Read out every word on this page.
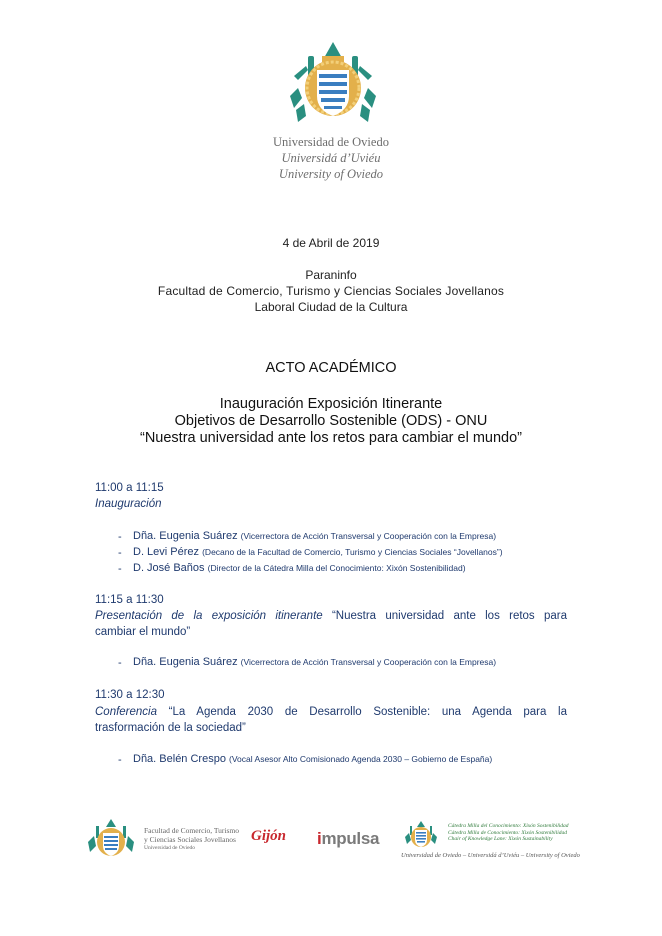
Universidad de Oviedo
Universidá d’Uviéu
University of Oviedo
4 de Abril de 2019
Paraninfo
Facultad de Comercio, Turismo y Ciencias Sociales Jovellanos
Laboral Ciudad de la Cultura
ACTO ACADÉMICO
Inauguración Exposición Itinerante
Objetivos de Desarrollo Sostenible (ODS) - ONU
“Nuestra universidad ante los retos para cambiar el mundo”
11:00 a 11:15
Inauguración
- Dña. Eugenia Suárez (Vicerrectora de Acción Transversal y Cooperación con la Empresa)
- D. Levi Pérez (Decano de la Facultad de Comercio, Turismo y Ciencias Sociales “Jovellanos”)
- D. José Baños (Director de la Cátedra Milla del Conocimiento: Xixón Sostenibilidad)
11:15 a 11:30
Presentación de la exposición itinerante “Nuestra universidad ante los retos para
cambiar el mundo”
- Dña. Eugenia Suárez (Vicerrectora de Acción Transversal y Cooperación con la Empresa)
11:30 a 12:30
Conferencia “La Agenda 2030 de Desarrollo Sostenible: una Agenda para la
trasformación de la sociedad”
- Dña. Belén Crespo (Vocal Asesor Alto Comisionado Agenda 2030 – Gobierno de España)
Facultad de Comercio, Turismo
y Ciencias Sociales Jovellanos
Universidad de Oviedo
Gijón impulsa
Cátedra Milla del Conocimiento: Xixón Sostenibilidad
Cátedra Milla de Conocimiento: Xixón Sostenibilidad
Chair of Knowledge Lane: Xixón Sustainability
Universidad de Oviedo – Universidá d’Uviéu – University of Oviedo
